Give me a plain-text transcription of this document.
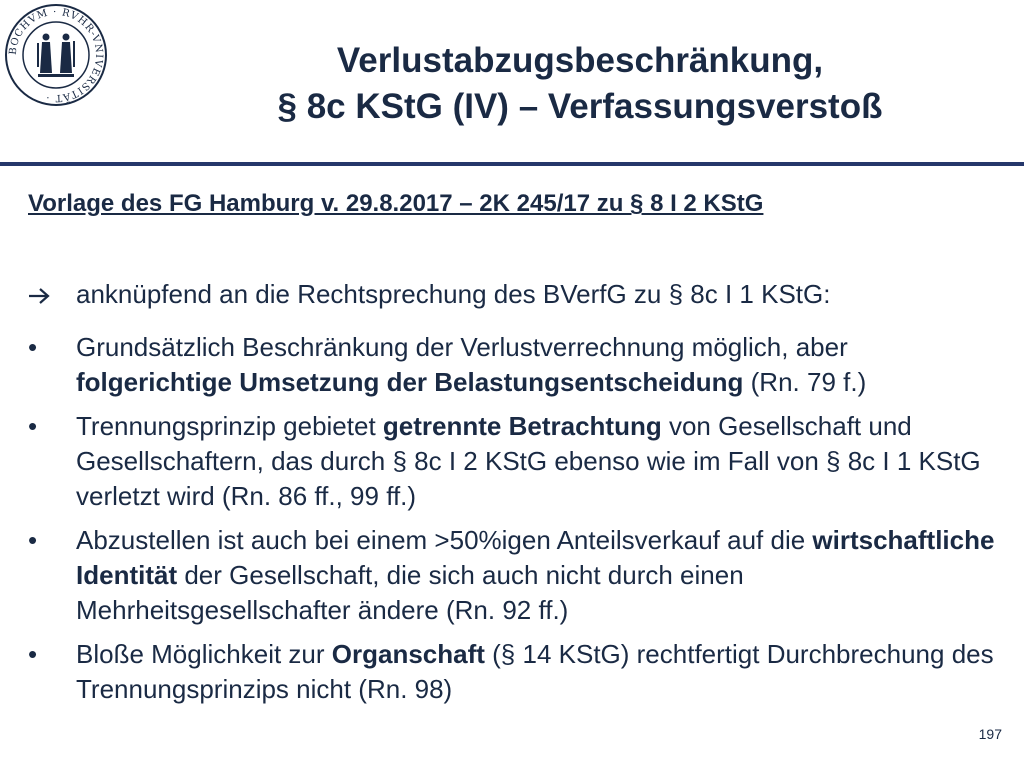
BOCHVM · RVHR-VNIVERSITÄT ·
Verlustabzugsbeschränkung,
§ 8c KStG (IV) – Verfassungsverstoß
Vorlage des FG Hamburg v. 29.8.2017 – 2K 245/17 zu § 8 I 2 KStG
anknüpfend an die Rechtsprechung des BVerfG zu § 8c I 1 KStG:
• Grundsätzlich Beschränkung der Verlustverrechnung möglich, aber folgerichtige Umsetzung der Belastungsentscheidung (Rn. 79 f.)
• Trennungsprinzip gebietet getrennte Betrachtung von Gesellschaft und Gesellschaftern, das durch § 8c I 2 KStG ebenso wie im Fall von § 8c I 1 KStG verletzt wird (Rn. 86 ff., 99 ff.)
• Abzustellen ist auch bei einem >50%igen Anteilsverkauf auf die wirtschaftliche Identität der Gesellschaft, die sich auch nicht durch einen Mehrheitsgesellschafter ändere (Rn. 92 ff.)
• Bloße Möglichkeit zur Organschaft (§ 14 KStG) rechtfertigt Durchbrechung des Trennungsprinzips nicht (Rn. 98)
197
